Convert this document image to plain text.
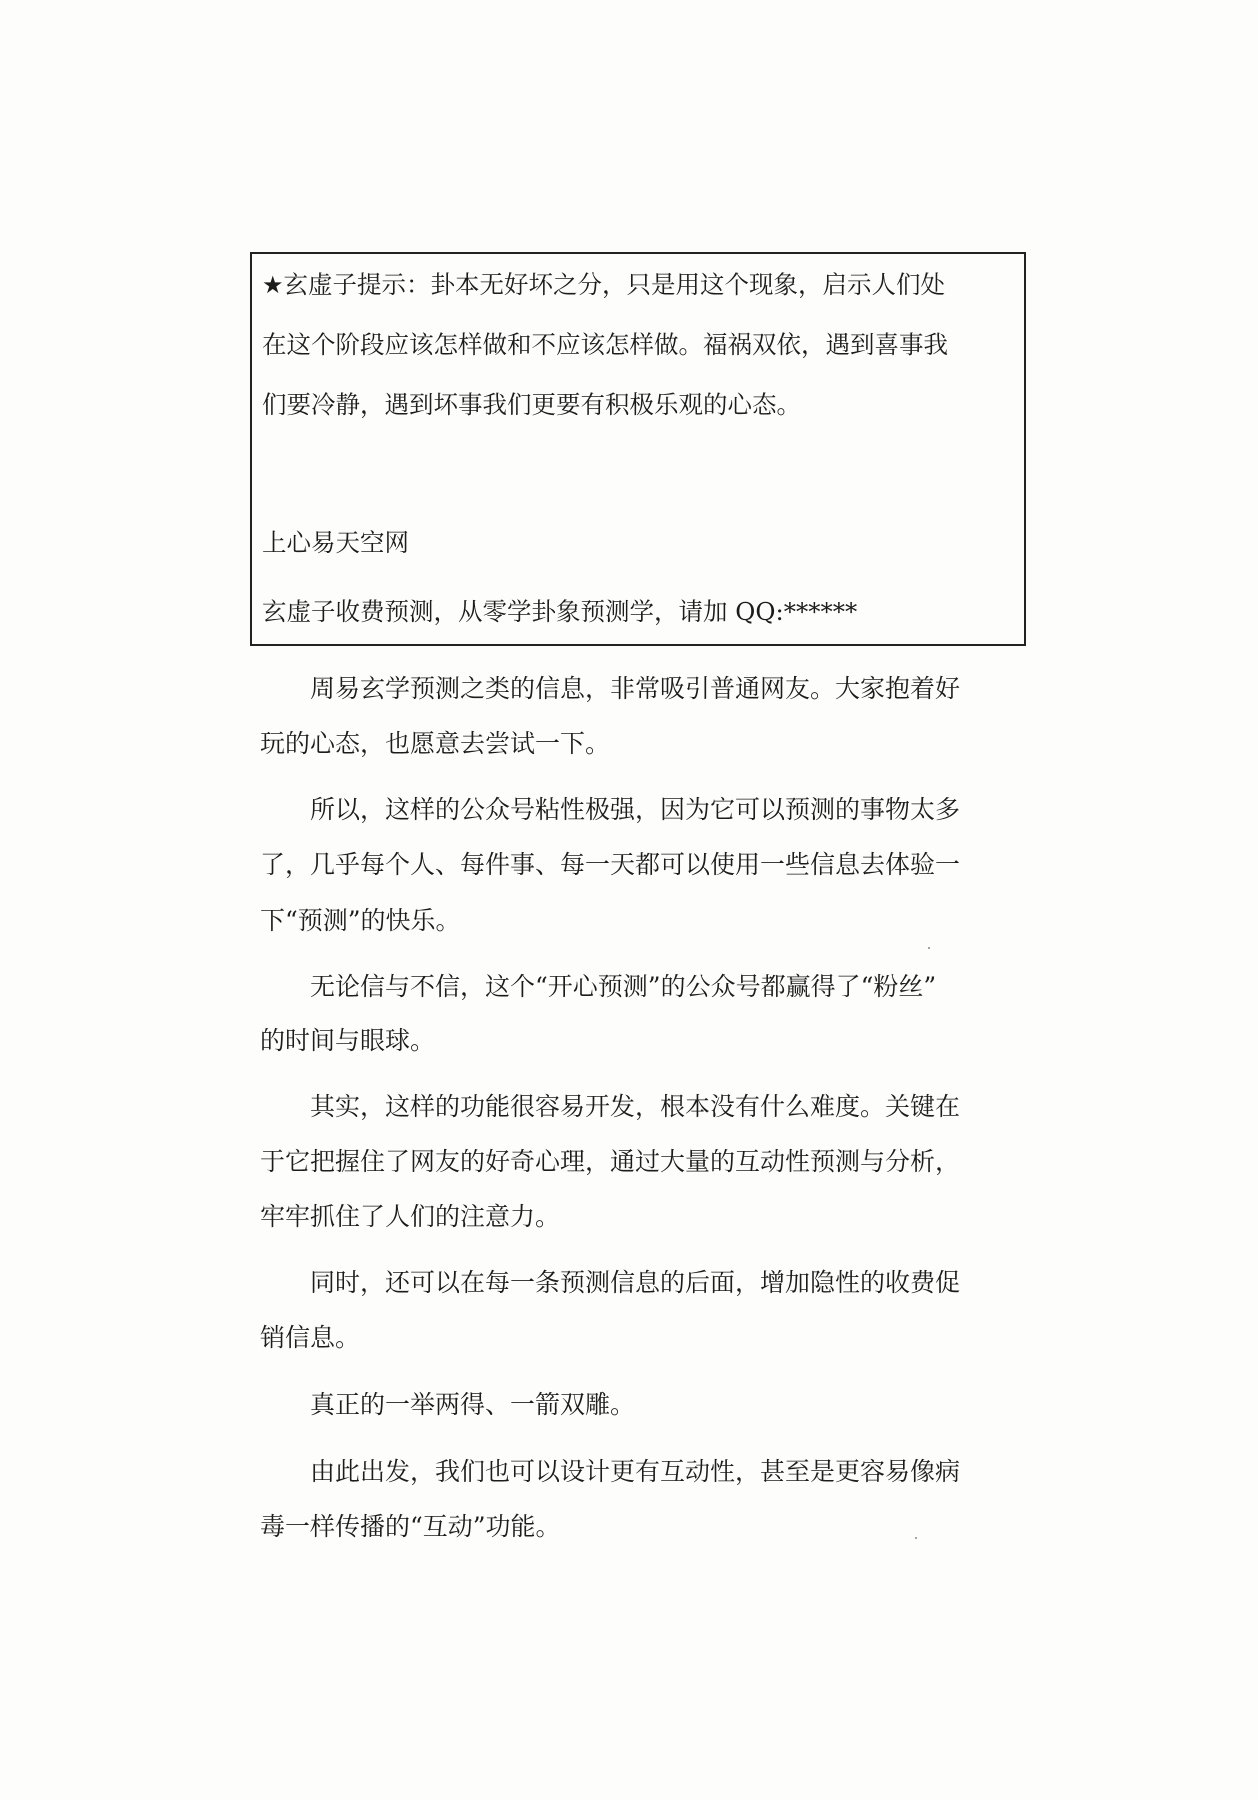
★玄虚子提示：卦本无好坏之分，只是用这个现象，启示人们处
在这个阶段应该怎样做和不应该怎样做。福祸双依，遇到喜事我
们要冷静，遇到坏事我们更要有积极乐观的心态。
上心易天空网
玄虚子收费预测，从零学卦象预测学，请加 QQ:******
周易玄学预测之类的信息，非常吸引普通网友。大家抱着好
玩的心态，也愿意去尝试一下。
所以，这样的公众号粘性极强，因为它可以预测的事物太多
了，几乎每个人、每件事、每一天都可以使用一些信息去体验一
下“预测”的快乐。
无论信与不信，这个“开心预测”的公众号都赢得了“粉丝”
的时间与眼球。
其实，这样的功能很容易开发，根本没有什么难度。关键在
于它把握住了网友的好奇心理，通过大量的互动性预测与分析，
牢牢抓住了人们的注意力。
同时，还可以在每一条预测信息的后面，增加隐性的收费促
销信息。
真正的一举两得、一箭双雕。
由此出发，我们也可以设计更有互动性，甚至是更容易像病
毒一样传播的“互动”功能。
